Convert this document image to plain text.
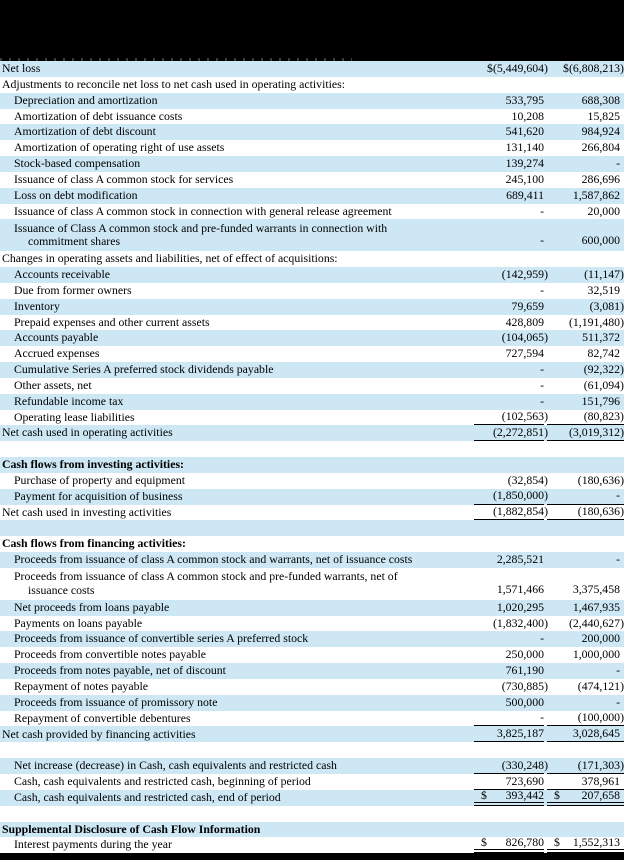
Net loss	$(5,449,604) $(6,808,213)
Adjustments to reconcile net loss to net cash used in operating activities:
Depreciation and amortization	533,795	688,308
Amortization of debt issuance costs	10,208	15,825
Amortization of debt discount	541,620	984,924
Amortization of operating right of use assets	131,140	266,804
Stock-based compensation	139,274	-
Issuance of class A common stock for services	245,100	286,696
Loss on debt modification	689,411 1,587,862
Issuance of class A common stock in connection with general release agreement	-	20,000
Issuance of Class A common stock and pre-funded warrants in connection with
commitment shares	-	600,000
Changes in operating assets and liabilities, net of effect of acquisitions:
Accounts receivable	(142,959)	(11,147)
Due from former owners	-	32,519
Inventory	79,659	(3,081)
Prepaid expenses and other current assets	428,809 (1,191,480)
Accounts payable	(104,065)	511,372
Accrued expenses	727,594	82,742
Cumulative Series A preferred stock dividends payable	-	(92,322)
Other assets, net	-	(61,094)
Refundable income tax	-	151,796
Operating lease liabilities	(102,563)	(80,823)
Net cash used in operating activities	(2,272,851) (3,019,312)
Cash flows from investing activities:
Purchase of property and equipment	(32,854)	(180,636)
Payment for acquisition of business	(1,850,000)	-
Net cash used in investing activities	(1,882,854)	(180,636)
Cash flows from financing activities:
Proceeds from issuance of class A common stock and warrants, net of issuance costs	2,285,521	-
Proceeds from issuance of class A common stock and pre-funded warrants, net of
issuance costs	1,571,466 3,375,458
Net proceeds from loans payable	1,020,295 1,467,935
Payments on loans payable	(1,832,400) (2,440,627)
Proceeds from issuance of convertible series A preferred stock	-	200,000
Proceeds from convertible notes payable	250,000 1,000,000
Proceeds from notes payable, net of discount	761,190	-
Repayment of notes payable	(730,885)	(474,121)
Proceeds from issuance of promissory note	500,000	-
Repayment of convertible debentures	-	(100,000)
Net cash provided by financing activities	3,825,187 3,028,645
Net increase (decrease) in Cash, cash equivalents and restricted cash	(330,248)	(171,303)
Cash, cash equivalents and restricted cash, beginning of period	723,690	378,961
Cash, cash equivalents and restricted cash, end of period	$ 393,442 $ 207,658
Supplemental Disclosure of Cash Flow Information
Interest payments during the year	$ 826,780 $ 1,552,313
